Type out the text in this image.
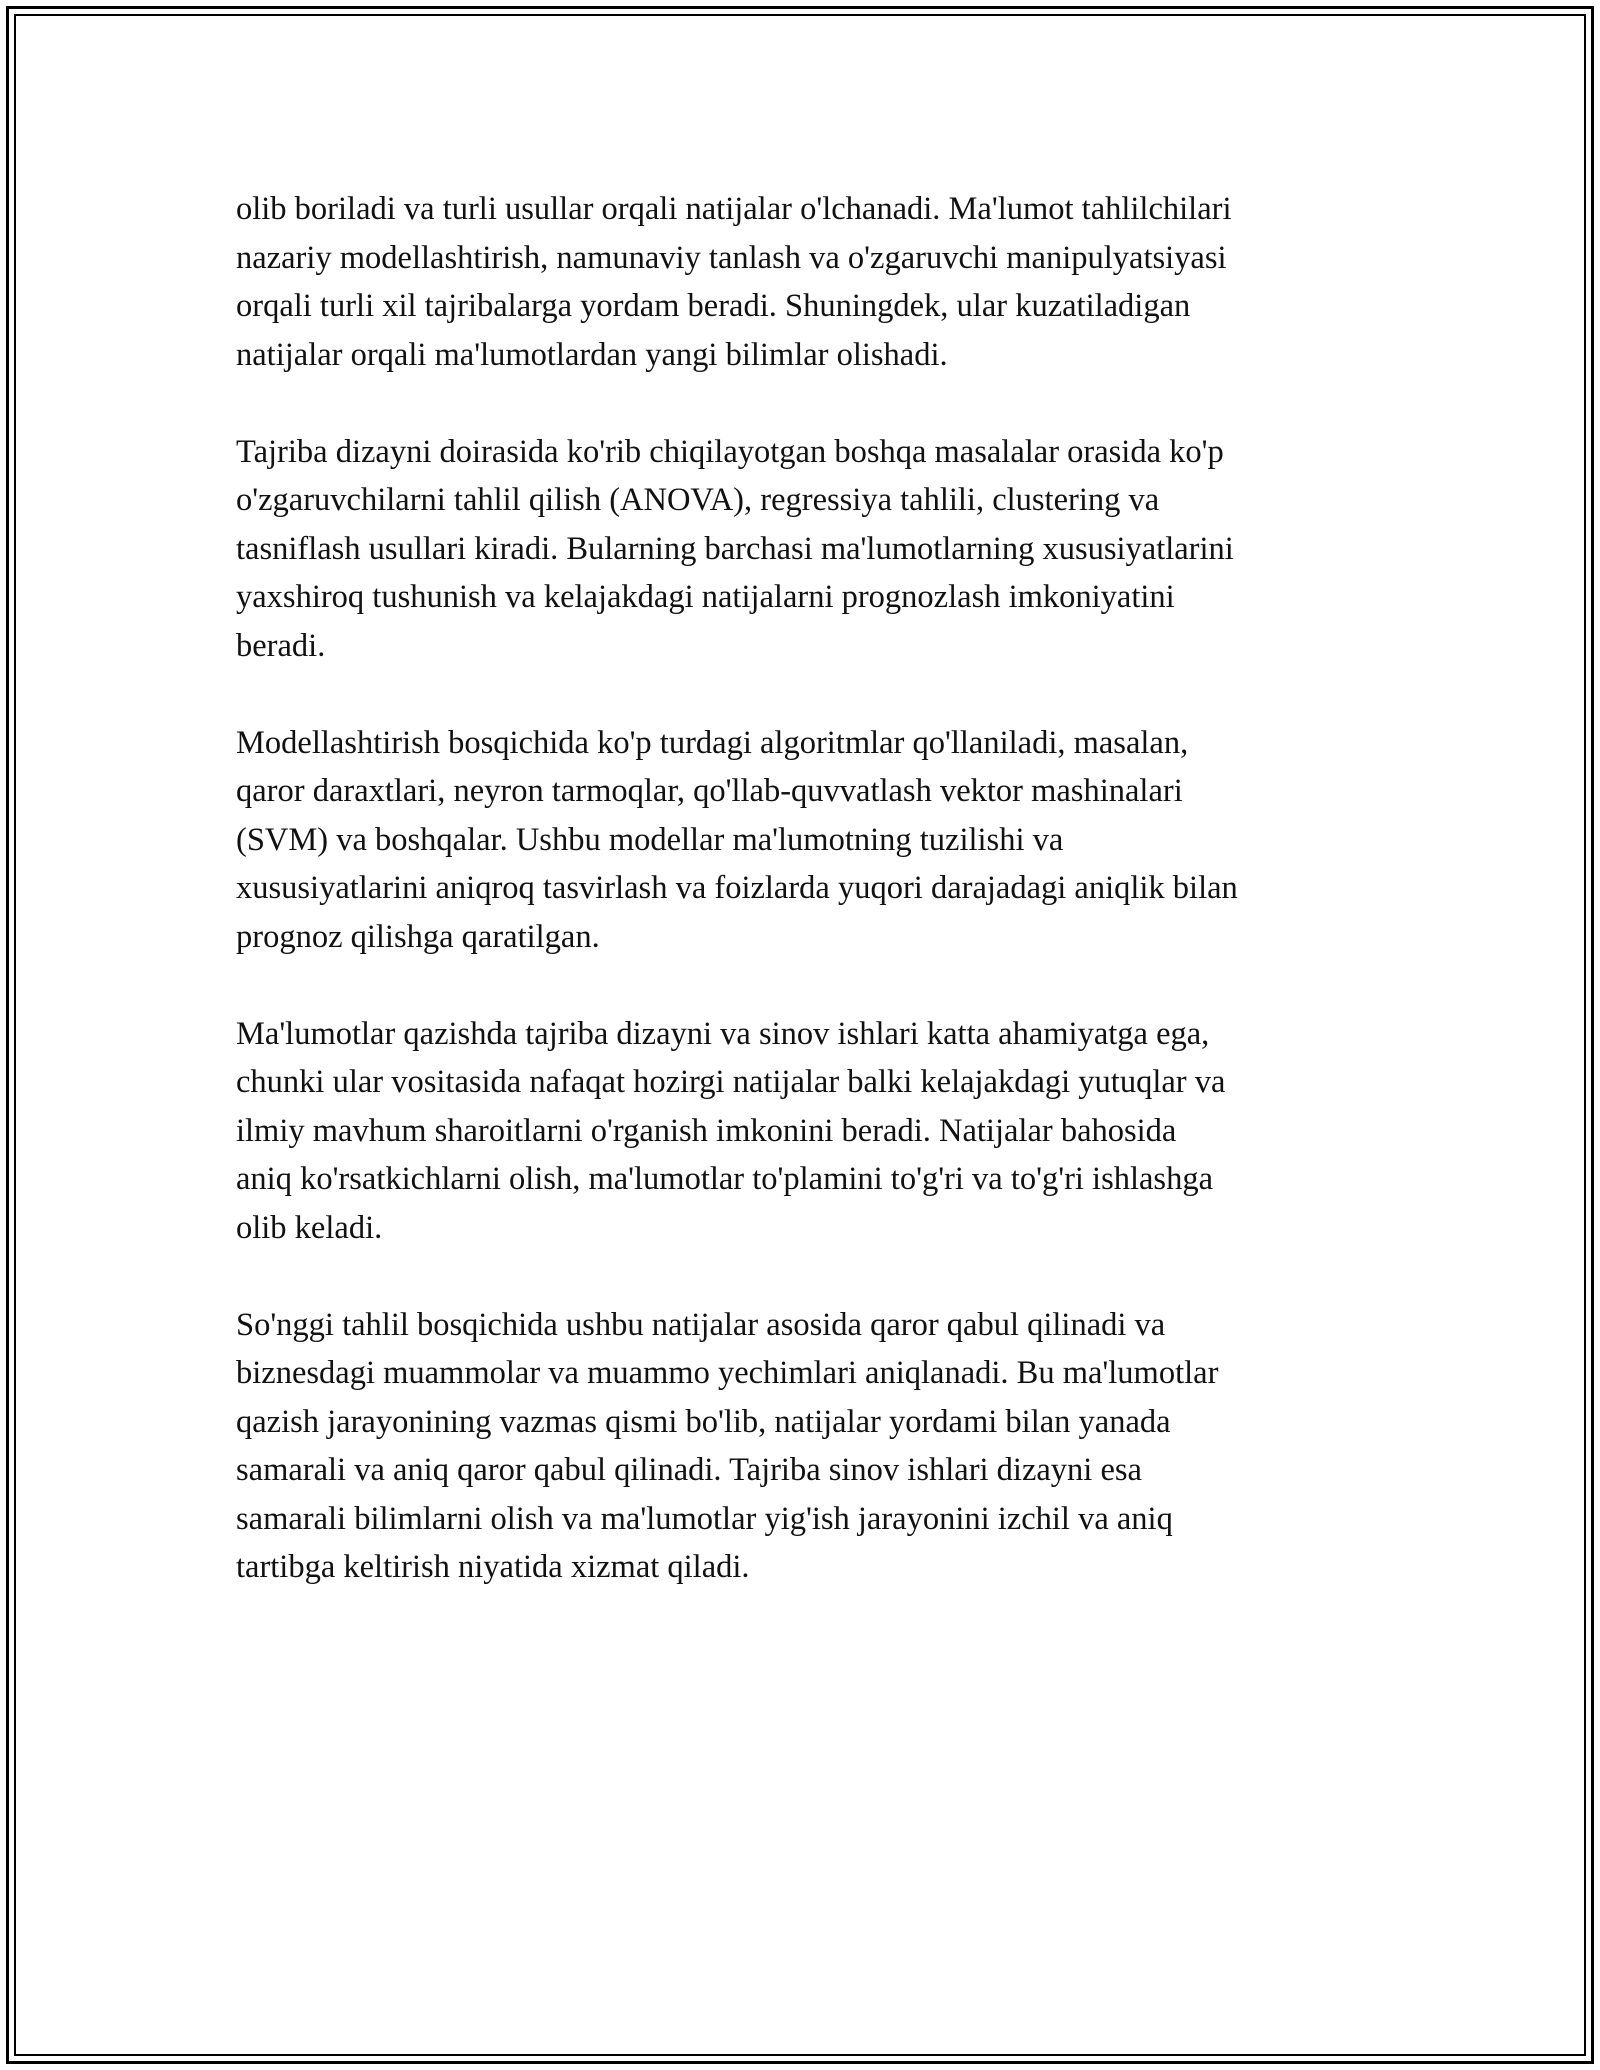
olib boriladi va turli usullar orqali natijalar o'lchanadi. Ma'lumot tahlilchilari
nazariy modellashtirish, namunaviy tanlash va o'zgaruvchi manipulyatsiyasi
orqali turli xil tajribalarga yordam beradi. Shuningdek, ular kuzatiladigan
natijalar orqali ma'lumotlardan yangi bilimlar olishadi.

Tajriba dizayni doirasida ko'rib chiqilayotgan boshqa masalalar orasida ko'p
o'zgaruvchilarni tahlil qilish (ANOVA), regressiya tahlili, clustering va
tasniflash usullari kiradi. Bularning barchasi ma'lumotlarning xususiyatlarini
yaxshiroq tushunish va kelajakdagi natijalarni prognozlash imkoniyatini
beradi.

Modellashtirish bosqichida ko'p turdagi algoritmlar qo'llaniladi, masalan,
qaror daraxtlari, neyron tarmoqlar, qo'llab-quvvatlash vektor mashinalari
(SVM) va boshqalar. Ushbu modellar ma'lumotning tuzilishi va
xususiyatlarini aniqroq tasvirlash va foizlarda yuqori darajadagi aniqlik bilan
prognoz qilishga qaratilgan.

Ma'lumotlar qazishda tajriba dizayni va sinov ishlari katta ahamiyatga ega,
chunki ular vositasida nafaqat hozirgi natijalar balki kelajakdagi yutuqlar va
ilmiy mavhum sharoitlarni o'rganish imkonini beradi. Natijalar bahosida
aniq ko'rsatkichlarni olish, ma'lumotlar to'plamini to'g'ri va to'g'ri ishlashga
olib keladi.

So'nggi tahlil bosqichida ushbu natijalar asosida qaror qabul qilinadi va
biznesdagi muammolar va muammo yechimlari aniqlanadi. Bu ma'lumotlar
qazish jarayonining vazmas qismi bo'lib, natijalar yordami bilan yanada
samarali va aniq qaror qabul qilinadi. Tajriba sinov ishlari dizayni esa
samarali bilimlarni olish va ma'lumotlar yig'ish jarayonini izchil va aniq
tartibga keltirish niyatida xizmat qiladi.
